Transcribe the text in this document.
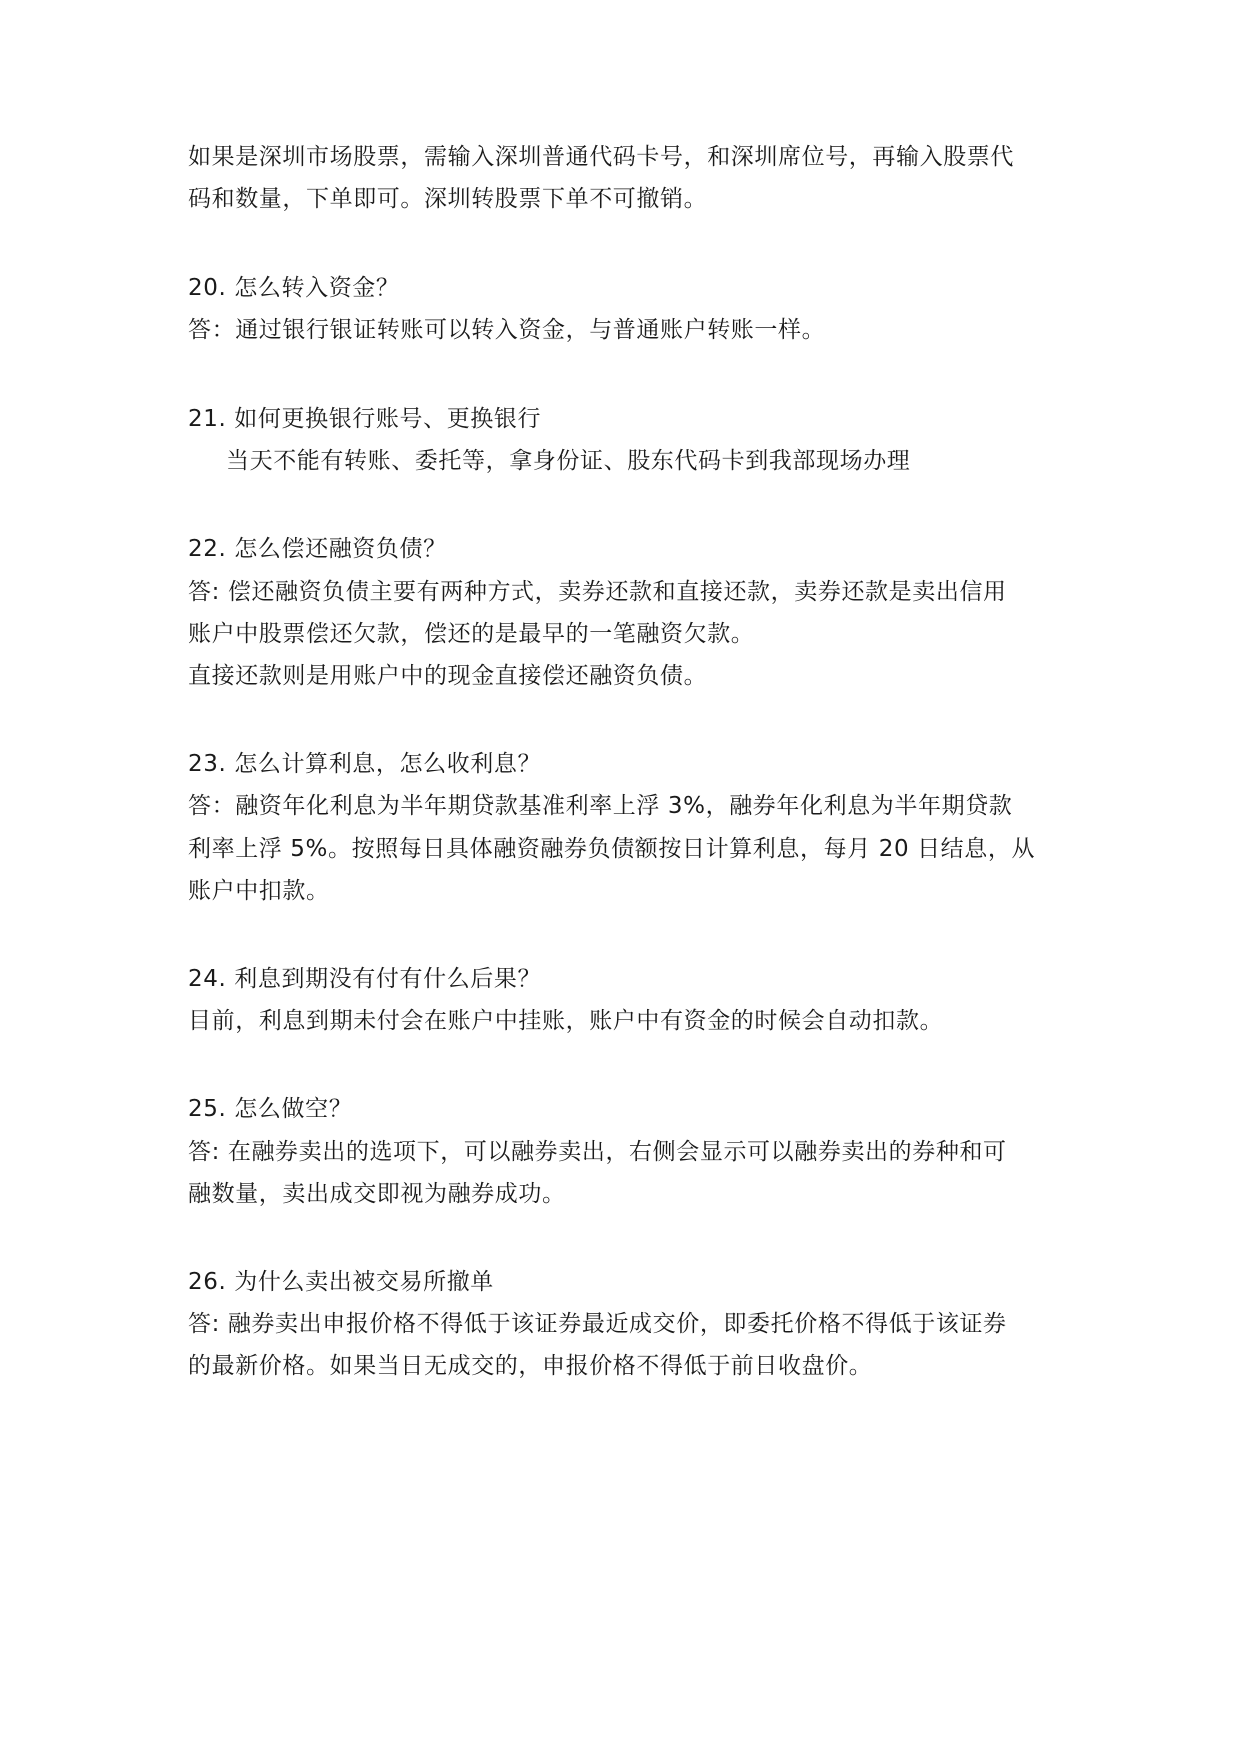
如果是深圳市场股票，需输入深圳普通代码卡号，和深圳席位号，再输入股票代
码和数量，下单即可。深圳转股票下单不可撤销。
20. 怎么转入资金？
答：通过银行银证转账可以转入资金，与普通账户转账一样。
21. 如何更换银行账号、更换银行
当天不能有转账、委托等，拿身份证、股东代码卡到我部现场办理
22. 怎么偿还融资负债？
答: 偿还融资负债主要有两种方式，卖券还款和直接还款，卖券还款是卖出信用
账户中股票偿还欠款，偿还的是最早的一笔融资欠款。
直接还款则是用账户中的现金直接偿还融资负债。
23. 怎么计算利息，怎么收利息？
答：融资年化利息为半年期贷款基准利率上浮 3%，融券年化利息为半年期贷款
利率上浮 5%。按照每日具体融资融券负债额按日计算利息，每月 20 日结息，从
账户中扣款。
24. 利息到期没有付有什么后果？
目前，利息到期未付会在账户中挂账，账户中有资金的时候会自动扣款。
25. 怎么做空？
答: 在融券卖出的选项下，可以融券卖出，右侧会显示可以融券卖出的券种和可
融数量，卖出成交即视为融券成功。
26. 为什么卖出被交易所撤单
答: 融券卖出申报价格不得低于该证券最近成交价，即委托价格不得低于该证券
的最新价格。如果当日无成交的，申报价格不得低于前日收盘价。
